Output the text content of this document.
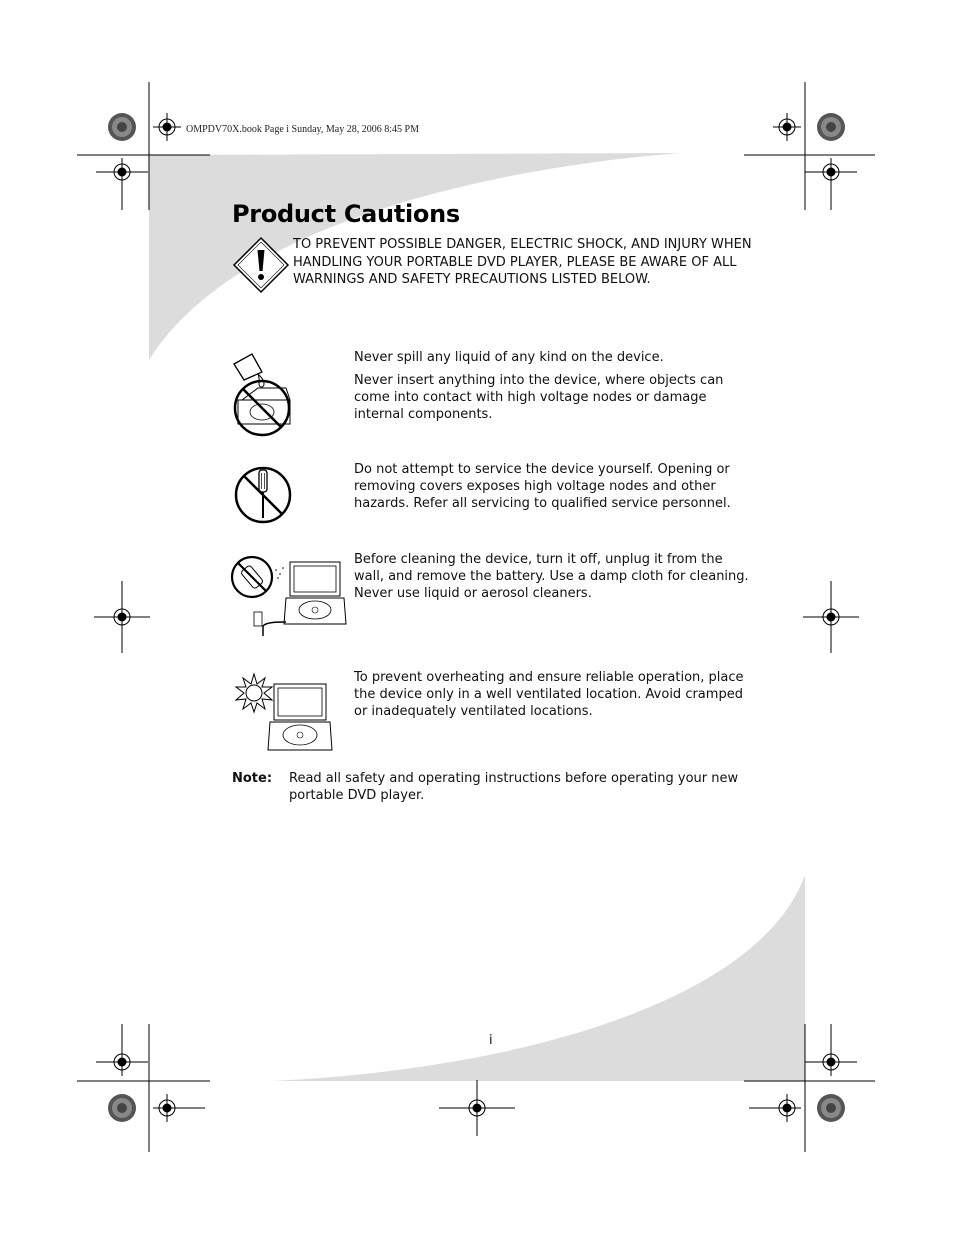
OMPDV70X.book Page i Sunday, May 28, 2006 8:45 PM
Product Cautions
TO PREVENT POSSIBLE DANGER, ELECTRIC SHOCK, AND INJURY WHEN HANDLING YOUR PORTABLE DVD PLAYER, PLEASE BE AWARE OF ALL WARNINGS AND SAFETY PRECAUTIONS LISTED BELOW.

Never spill any liquid of any kind on the device.

Never insert anything into the device, where objects can come into contact with high voltage nodes or damage internal components.

Do not attempt to service the device yourself. Opening or removing covers exposes high voltage nodes and other hazards. Refer all servicing to qualified service personnel.

Before cleaning the device, turn it off, unplug it from the wall, and remove the battery. Use a damp cloth for cleaning. Never use liquid or aerosol cleaners.

To prevent overheating and ensure reliable operation, place the device only in a well ventilated location. Avoid cramped or inadequately ventilated locations.

Note: Read all safety and operating instructions before operating your new portable DVD player.
i
